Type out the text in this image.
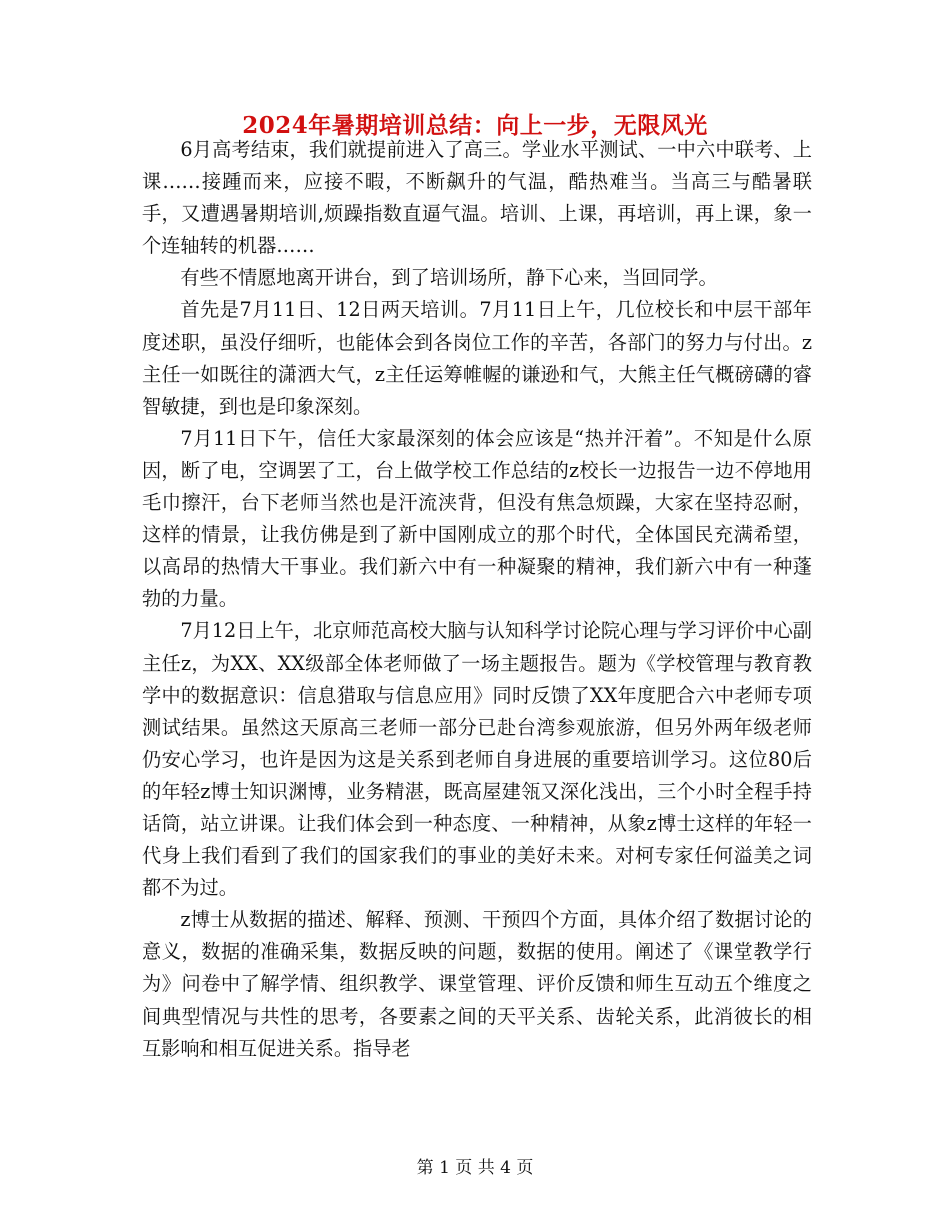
2024年暑期培训总结：向上一步，无限风光

6月高考结束，我们就提前进入了高三。学业水平测试、一中六中联考、上课……接踵而来，应接不暇，不断飙升的气温，酷热难当。当高三与酷暑联手，又遭遇暑期培训,烦躁指数直逼气温。培训、上课，再培训，再上课，象一个连轴转的机器……

有些不情愿地离开讲台，到了培训场所，静下心来，当回同学。

首先是7月11日、12日两天培训。7月11日上午，几位校长和中层干部年度述职，虽没仔细听，也能体会到各岗位工作的辛苦，各部门的努力与付出。z主任一如既往的潇洒大气，z主任运筹帷幄的谦逊和气，大熊主任气概磅礴的睿智敏捷，到也是印象深刻。

7月11日下午，信任大家最深刻的体会应该是“热并汗着”。不知是什么原因，断了电，空调罢了工，台上做学校工作总结的z校长一边报告一边不停地用毛巾擦汗，台下老师当然也是汗流浃背，但没有焦急烦躁，大家在坚持忍耐，这样的情景，让我仿佛是到了新中国刚成立的那个时代，全体国民充满希望，以高昂的热情大干事业。我们新六中有一种凝聚的精神，我们新六中有一种蓬勃的力量。

7月12日上午，北京师范高校大脑与认知科学讨论院心理与学习评价中心副主任z，为XX、XX级部全体老师做了一场主题报告。题为《学校管理与教育教学中的数据意识：信息猎取与信息应用》同时反馈了XX年度肥合六中老师专项测试结果。虽然这天原高三老师一部分已赴台湾参观旅游，但另外两年级老师仍安心学习，也许是因为这是关系到老师自身进展的重要培训学习。这位80后的年轻z博士知识渊博，业务精湛，既高屋建瓴又深化浅出，三个小时全程手持话筒，站立讲课。让我们体会到一种态度、一种精神，从象z博士这样的年轻一代身上我们看到了我们的国家我们的事业的美好未来。对柯专家任何溢美之词都不为过。

z博士从数据的描述、解释、预测、干预四个方面，具体介绍了数据讨论的意义，数据的准确采集，数据反映的问题，数据的使用。阐述了《课堂教学行为》问卷中了解学情、组织教学、课堂管理、评价反馈和师生互动五个维度之间典型情况与共性的思考，各要素之间的天平关系、齿轮关系，此消彼长的相互影响和相互促进关系。指导老

第 1 页 共 4 页
